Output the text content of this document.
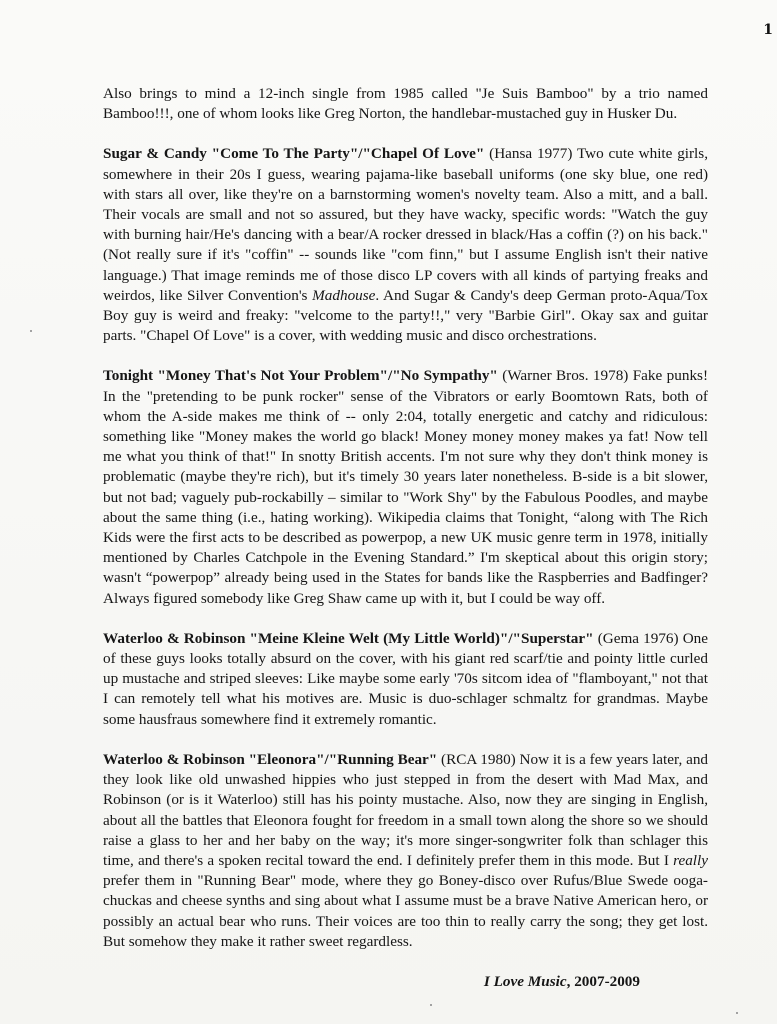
1

Also brings to mind a 12-inch single from 1985 called "Je Suis Bamboo" by a trio named Bamboo!!!, one of whom looks like Greg Norton, the handlebar-mustached guy in Husker Du.

Sugar & Candy "Come To The Party"/"Chapel Of Love" (Hansa 1977) Two cute white girls, somewhere in their 20s I guess, wearing pajama-like baseball uniforms (one sky blue, one red) with stars all over, like they're on a barnstorming women's novelty team. Also a mitt, and a ball. Their vocals are small and not so assured, but they have wacky, specific words: "Watch the guy with burning hair/He's dancing with a bear/A rocker dressed in black/Has a coffin (?) on his back." (Not really sure if it's "coffin" -- sounds like "com finn," but I assume English isn't their native language.) That image reminds me of those disco LP covers with all kinds of partying freaks and weirdos, like Silver Convention's Madhouse. And Sugar & Candy's deep German proto-Aqua/Tox Boy guy is weird and freaky: "velcome to the party!!," very "Barbie Girl". Okay sax and guitar parts. "Chapel Of Love" is a cover, with wedding music and disco orchestrations.

Tonight "Money That's Not Your Problem"/"No Sympathy" (Warner Bros. 1978) Fake punks! In the "pretending to be punk rocker" sense of the Vibrators or early Boomtown Rats, both of whom the A-side makes me think of -- only 2:04, totally energetic and catchy and ridiculous: something like "Money makes the world go black! Money money money makes ya fat! Now tell me what you think of that!" In snotty British accents. I'm not sure why they don't think money is problematic (maybe they're rich), but it's timely 30 years later nonetheless. B-side is a bit slower, but not bad; vaguely pub-rockabilly – similar to "Work Shy" by the Fabulous Poodles, and maybe about the same thing (i.e., hating working). Wikipedia claims that Tonight, “along with The Rich Kids were the first acts to be described as powerpop, a new UK music genre term in 1978, initially mentioned by Charles Catchpole in the Evening Standard.” I'm skeptical about this origin story; wasn't “powerpop” already being used in the States for bands like the Raspberries and Badfinger? Always figured somebody like Greg Shaw came up with it, but I could be way off.

Waterloo & Robinson "Meine Kleine Welt (My Little World)"/"Superstar" (Gema 1976) One of these guys looks totally absurd on the cover, with his giant red scarf/tie and pointy little curled up mustache and striped sleeves: Like maybe some early '70s sitcom idea of "flamboyant," not that I can remotely tell what his motives are. Music is duo-schlager schmaltz for grandmas. Maybe some hausfraus somewhere find it extremely romantic.

Waterloo & Robinson "Eleonora"/"Running Bear" (RCA 1980) Now it is a few years later, and they look like old unwashed hippies who just stepped in from the desert with Mad Max, and Robinson (or is it Waterloo) still has his pointy mustache. Also, now they are singing in English, about all the battles that Eleonora fought for freedom in a small town along the shore so we should raise a glass to her and her baby on the way; it's more singer-songwriter folk than schlager this time, and there's a spoken recital toward the end. I definitely prefer them in this mode. But I really prefer them in "Running Bear" mode, where they go Boney-disco over Rufus/Blue Swede ooga-chuckas and cheese synths and sing about what I assume must be a brave Native American hero, or possibly an actual bear who runs. Their voices are too thin to really carry the song; they get lost. But somehow they make it rather sweet regardless.

I Love Music, 2007-2009
